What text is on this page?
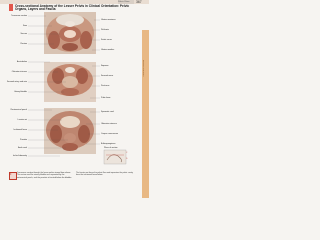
Pelvic Floor 367
Cross-sectional Anatomy of the Lesser Pelvis in Clinical Orientation: Pelvic Organs, Layers and Fascia
Transverse section
Ilium
Sacrum
Rectum
Acetabulum
Obturator internus
Femoral artery and vein
Urinary bladder
Rectovesical pouch
Levator ani
Ischioanal fossa
Prostate
Anal canal
Ischial tuberosity
Gluteus maximus
Piriformis
Sciatic nerve
Gluteus medius
Iliopsoas
Femoral nerve
Pectineus
Pubic bone
Spermatic cord
Obturator externus
Corpus cavernosum
Bulbospongiosus
Plane of section
C
D
Pelvis and Perineum
C	Transverse section through the lesser pelvis viewed from above. The rectum and the urinary bladder are separated by the rectovesical pouch, and the prostate is located below the bladder.
The levator ani forms the pelvic floor and separates the pelvic cavity from the ischioanal fossa below.
